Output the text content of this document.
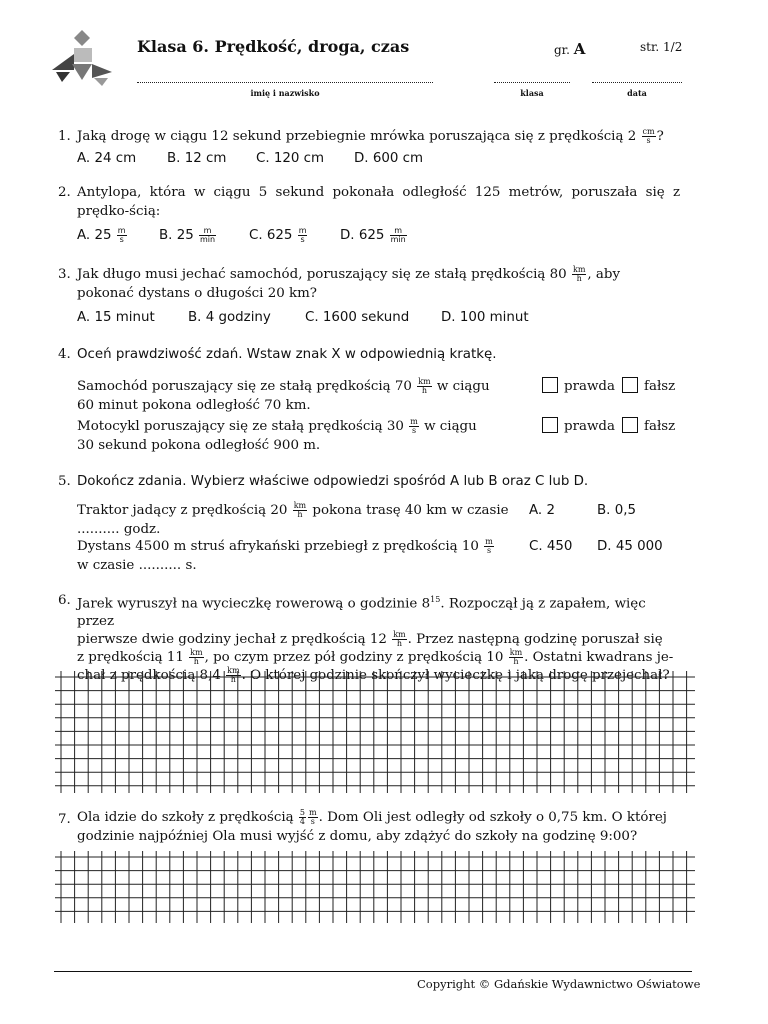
Klasa 6. Prędkość, droga, czas	gr. A	str. 1/2
imię i nazwisko	klasa	data
1. Jaką drogę w ciągu 12 sekund przebiegnie mrówka poruszająca się z prędkością $2 \frac{cm}{s}$ ?
A. 24 cm B. 12 cm C. 120 cm D. 600 cm
2. Antylopa, która w ciągu 5 sekund pokonała odległość 125 metrów, poruszała się z prędko-ścią:
A. $25 \frac{m}{s} B$. $25 \frac{m}{\min} C$. $625 \frac{m}{s} D$. $625 \frac{m}{\min}$
3. Jak długo musi jechać samochód, poruszający się ze stałą prędkością $80 \frac{km}{h}$ , aby pokonać dystans o długości 20 km?
A. 15 minut B. 4 godziny	C. 1600 sekund D. 100 minut
4. Oceń prawdziwość zdań. Wstaw znak X w odpowiednią kratkę.
Samochód poruszający się ze stałą prędkością $70 \frac{km}{h}$ w ciągu
60 minut pokona odległość 70 km.
prawda	fałsz
Motocykl poruszający się ze stałą prędkością $30 \frac{m}{s}$ w ciągu
30 sekund pokona odległość 900 m.
prawda	fałsz
5. Dokończ zdania. Wybierz właściwe odpowiedzi spośród A lub B oraz C lub D.
Traktor jadący z prędkością $20 \frac{km}{h}$ pokona trasę 40 km w czasie
.......... godz.
A. 2	B. 0,5
Dystans 4500 m struś afrykański przebiegł z prędkością $10 \frac{m}{s}$

w czasie .......... s.
C. 450 D. 45 000
6. Jarek wyruszył na wycieczkę rowerową o godzinie $8^{15}$. Rozpoczął ją z zapałem, więc przez
pierwsze dwie godziny jechał z prędkością $12 \frac{km}{h}$ . Przez następną godzinę poruszał się
z prędkością $11 \frac{km}{h}$ , po czym przez pół godziny z prędkością $10 \frac{km}{h}$ . Ostatni kwadrans je-
chał z prędkością $8,4 \frac{km}{h}$ . O której godzinie skończył wycieczkę i jaką drogę przejechał?
7. Ola idzie do szkoły z prędkością $\frac{5}{4} \frac{m}{s}$ . Dom Oli jest odległy od szkoły o 0,75 km. O której
godzinie najpóźniej Ola musi wyjść z domu, aby zdążyć do szkoły na godzinę 9:00?
Copyright © Gdańskie Wydawnictwo Oświatowe
